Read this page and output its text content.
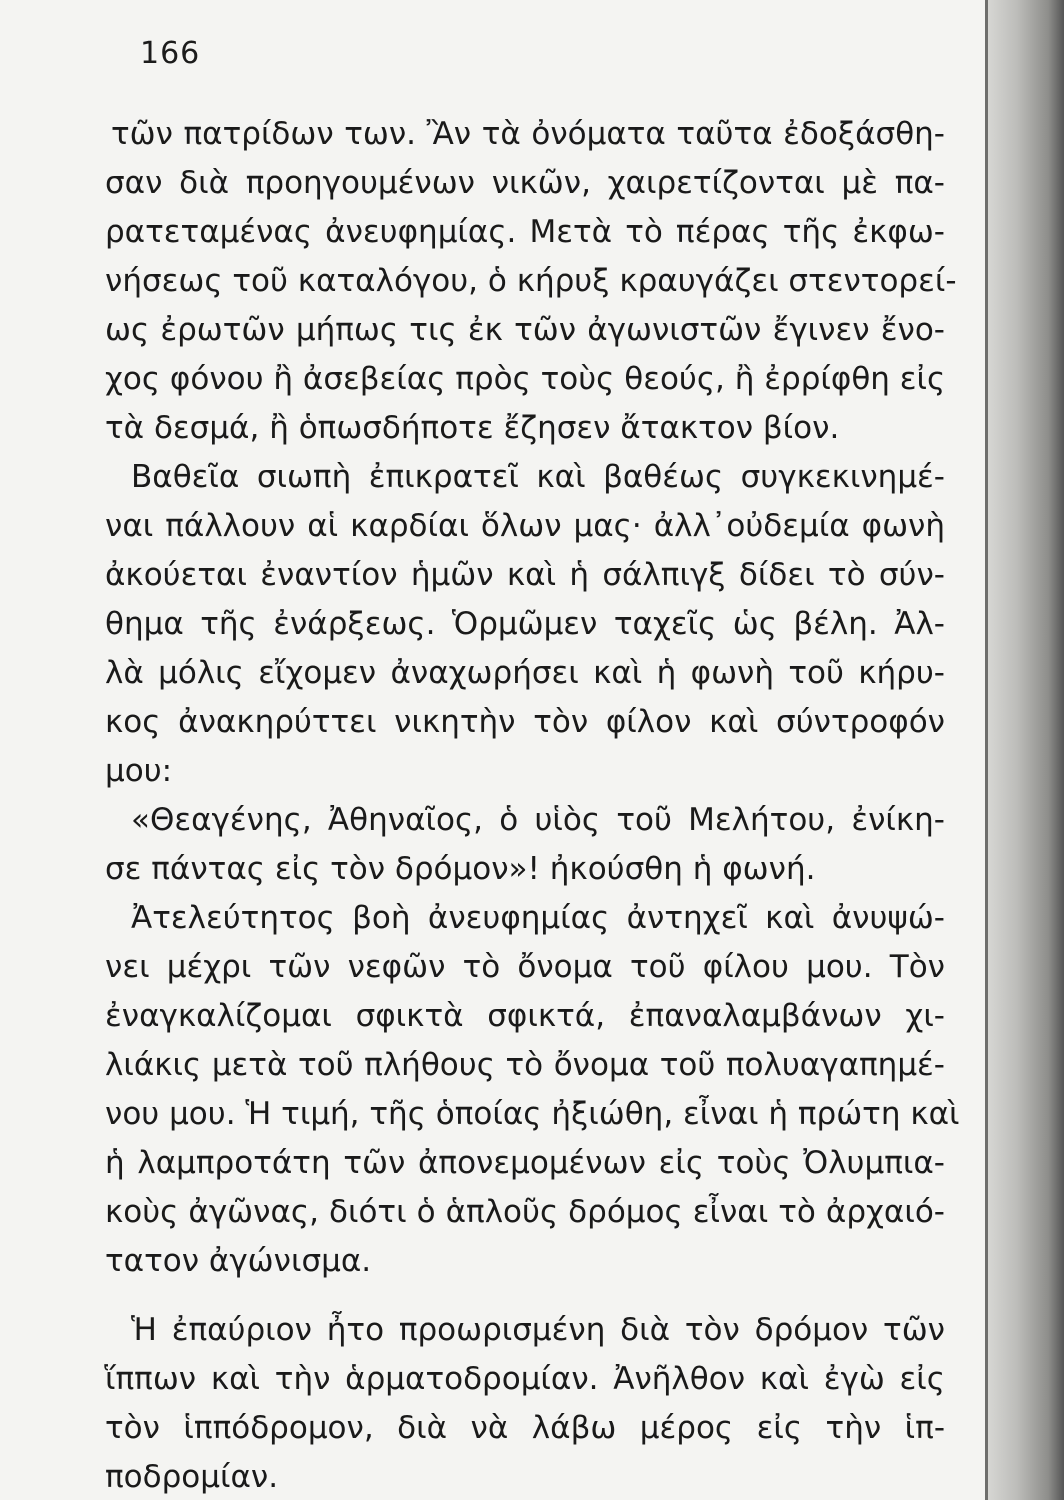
166
τῶν πατρίδων των. Ἂν τὰ ὀνόματα ταῦτα ἐδοξάσθη-
σαν διὰ προηγουμένων νικῶν, χαιρετίζονται μὲ πα-
ρατεταμένας ἀνευφημίας. Μετὰ τὸ πέρας τῆς ἐκφω-
νήσεως τοῦ καταλόγου, ὁ κήρυξ κραυγάζει στεντορεί-
ως ἐρωτῶν μήπως τις ἐκ τῶν ἀγωνιστῶν ἔγινεν ἔνο-
χος φόνου ἢ ἀσεβείας πρὸς τοὺς θεούς, ἢ ἐρρίφθη εἰς
τὰ δεσμά, ἢ ὁπωσδήποτε ἔζησεν ἄτακτον βίον.
Βαθεῖα σιωπὴ ἐπικρατεῖ καὶ βαθέως συγκεκινημέ-
ναι πάλλουν αἱ καρδίαι ὅλων μας· ἀλλ᾽οὐδεμία φωνὴ
ἀκούεται ἐναντίον ἡμῶν καὶ ἡ σάλπιγξ δίδει τὸ σύν-
θημα τῆς ἐνάρξεως. Ὁρμῶμεν ταχεῖς ὡς βέλη. Ἀλ-
λὰ μόλις εἴχομεν ἀναχωρήσει καὶ ἡ φωνὴ τοῦ κήρυ-
κος ἀνακηρύττει νικητὴν τὸν φίλον καὶ σύντροφόν
μου:
«Θεαγένης, Ἀθηναῖος, ὁ υἱὸς τοῦ Μελήτου, ἐνίκη-
σε πάντας εἰς τὸν δρόμον»! ἠκούσθη ἡ φωνή.
Ἀτελεύτητος βοὴ ἀνευφημίας ἀντηχεῖ καὶ ἀνυψώ-
νει μέχρι τῶν νεφῶν τὸ ὄνομα τοῦ φίλου μου. Τὸν
ἐναγκαλίζομαι σφικτὰ σφικτά, ἐπαναλαμβάνων χι-
λιάκις μετὰ τοῦ πλήθους τὸ ὄνομα τοῦ πολυαγαπημέ-
νου μου. Ἡ τιμή, τῆς ὁποίας ἠξιώθη, εἶναι ἡ πρώτη καὶ
ἡ λαμπροτάτη τῶν ἀπονεμομένων εἰς τοὺς Ὀλυμπια-
κοὺς ἀγῶνας, διότι ὁ ἁπλοῦς δρόμος εἶναι τὸ ἀρχαιό-
τατον ἀγώνισμα.
Ἡ ἐπαύριον ἦτο προωρισμένη διὰ τὸν δρόμον τῶν
ἵππων καὶ τὴν ἁρματοδρομίαν. Ἀνῆλθον καὶ ἐγὼ εἰς
τὸν ἱππόδρομον, διὰ νὰ λάβω μέρος εἰς τὴν ἱπ-
ποδρομίαν.
